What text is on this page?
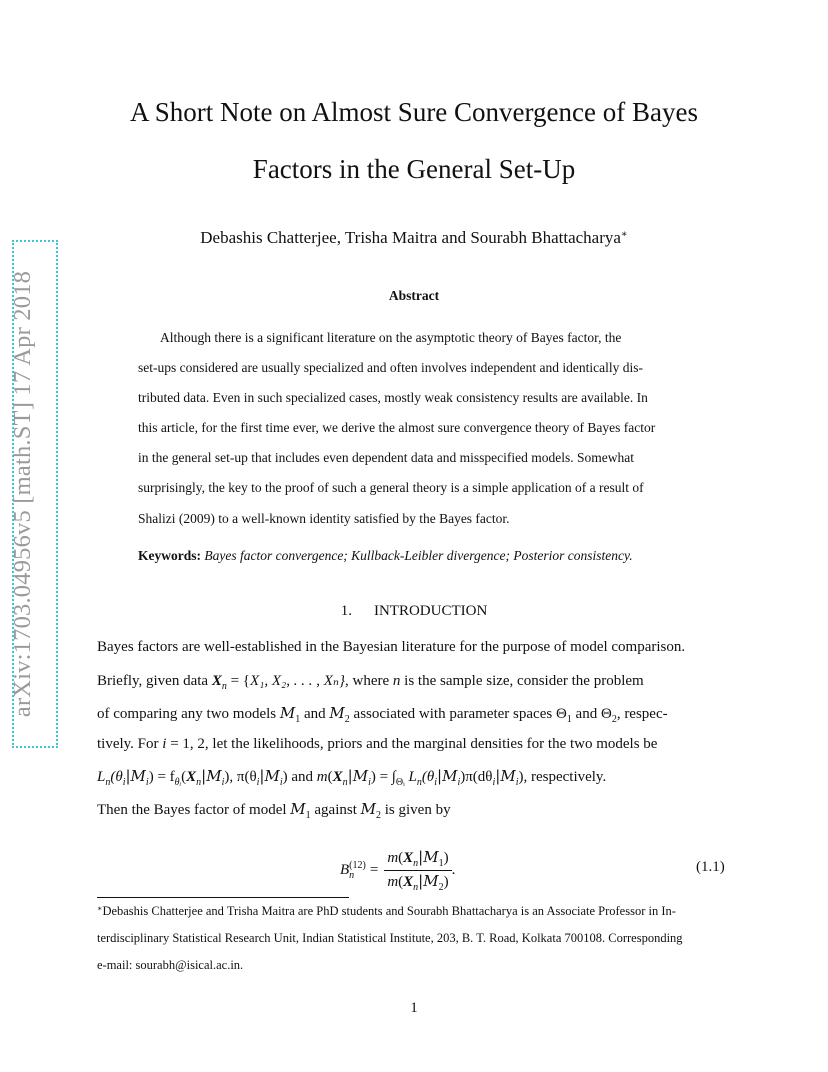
arXiv:1703.04956v5 [math.ST] 17 Apr 2018
A Short Note on Almost Sure Convergence of Bayes
Factors in the General Set-Up
Debashis Chatterjee, Trisha Maitra and Sourabh Bhattacharya∗
Abstract
Although there is a significant literature on the asymptotic theory of Bayes factor, the
set-ups considered are usually specialized and often involves independent and identically dis-
tributed data. Even in such specialized cases, mostly weak consistency results are available. In
this article, for the first time ever, we derive the almost sure convergence theory of Bayes factor
in the general set-up that includes even dependent data and misspecified models. Somewhat
surprisingly, the key to the proof of such a general theory is a simple application of a result of
Shalizi (2009) to a well-known identity satisfied by the Bayes factor.
Keywords: Bayes factor convergence; Kullback-Leibler divergence; Posterior consistency.
1. INTRODUCTION
Bayes factors are well-established in the Bayesian literature for the purpose of model comparison.
Briefly, given data $X_n = \{X_1$, X₂, . . . , Xₙ}, where n is the sample size, consider the problem
of comparing any two models $M_1$ and $M_2$ associated with parameter spaces $\Theta_1$ and $\Theta_2$, respec-
tively. For i = 1, 2, let the likelihoods, priors and the marginal densities for the two models be
$L_n(\theta_i|M_i) = f_{\theta ᵢ}(X_n|M_i)$, $\pi(\theta_i|M_i)$ and $m(X_n|M_i) = \int_{\Theta ᵢ}$ $L_n(\theta_i|M_i)\pi(d\theta_i|M_i)$, respectively.
Then the Bayes factor of model $M_1$ against $M_2$ is given by
B (12)
n	= $\frac{m(X_n|M_1)}{m(X_n|M_2)}$ .	(1.1)
∗Debashis Chatterjee and Trisha Maitra are PhD students and Sourabh Bhattacharya is an Associate Professor in In-
terdisciplinary Statistical Research Unit, Indian Statistical Institute, 203, B. T. Road, Kolkata 700108. Corresponding
e-mail: sourabh@isical.ac.in.
1
